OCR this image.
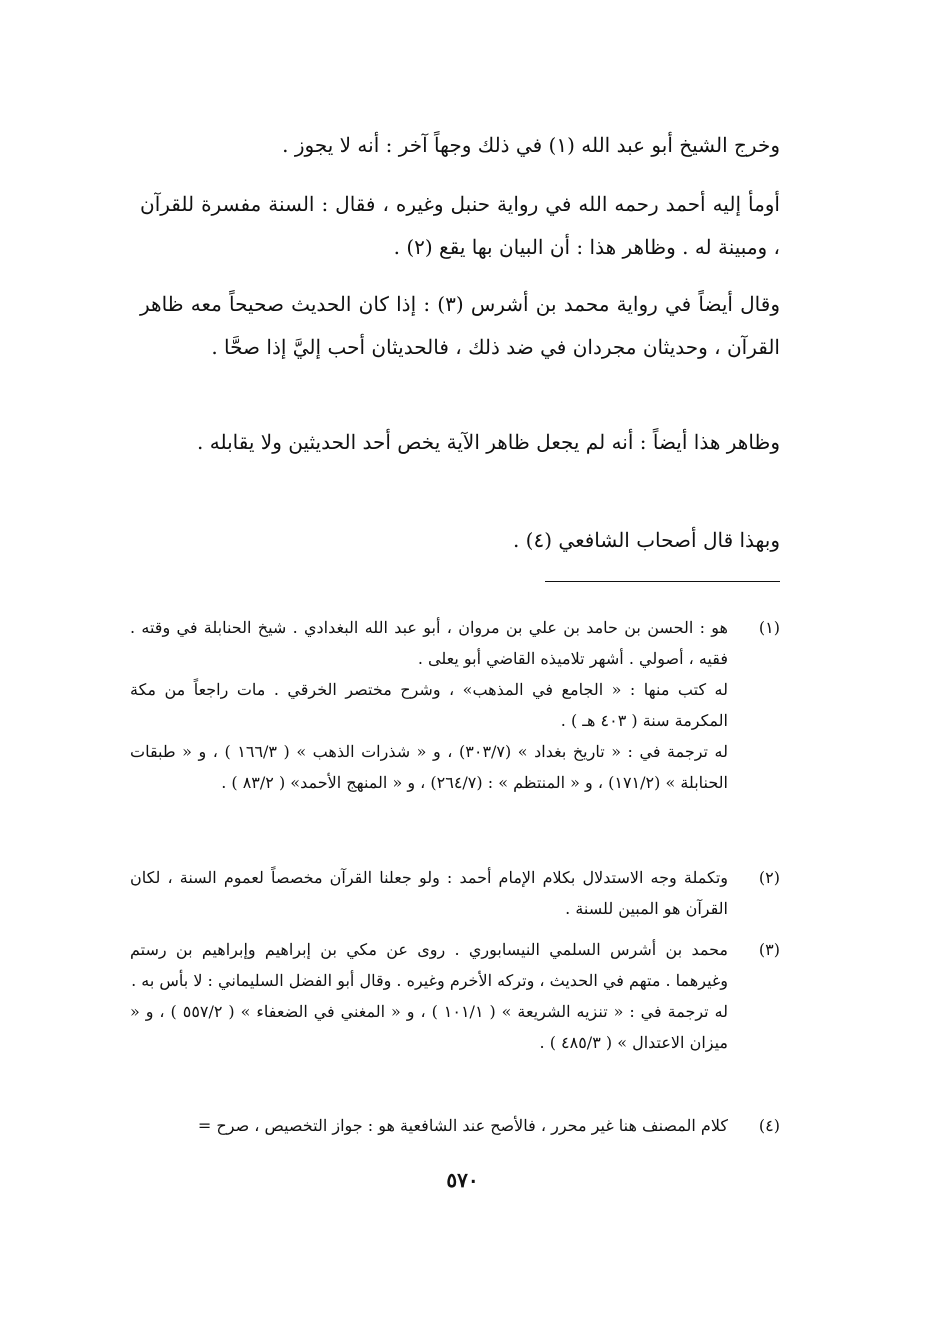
وخرج الشيخ أبو عبد الله (١) في ذلك وجهاً آخر : أنه لا يجوز .
أومأ إليه أحمد رحمه الله في رواية حنبل وغيره ، فقال : السنة مفسرة للقرآن ، ومبينة له . وظاهر هذا : أن البيان بها يقع (٢) .
وقال أيضاً في رواية محمد بن أشرس (٣) : إذا كان الحديث صحيحاً معه ظاهر القرآن ، وحديثان مجردان في ضد ذلك ، فالحديثان أحب إليَّ إذا صحَّا .
وظاهر هذا أيضاً : أنه لم يجعل ظاهر الآية يخص أحد الحديثين ولا يقابله .
وبهذا قال أصحاب الشافعي (٤) .
(١)
هو : الحسن بن حامد بن علي بن مروان ، أبو عبد الله البغدادي . شيخ الحنابلة في وقته . فقيه ، أصولي . أشهر تلاميذه القاضي أبو يعلى .
له كتب منها : « الجامع في المذهب» ، وشرح مختصر الخرقي . مات راجعاً من مكة المكرمة سنة ( ٤٠٣ هـ ) .
له ترجمة في : « تاريخ بغداد » (٣٠٣/٧) ، و « شذرات الذهب » ( ١٦٦/٣ ) ، و « طبقات الحنابلة » (١٧١/٢) ، و « المنتظم » : (٢٦٤/٧) ، و « المنهج الأحمد» ( ٨٣/٢ ) .
(٢)
وتكملة وجه الاستدلال بكلام الإمام أحمد : ولو جعلنا القرآن مخصصاً لعموم السنة ، لكان القرآن هو المبين للسنة .
(٣)
محمد بن أشرس السلمي النيسابوري . روى عن مكي بن إبراهيم وإبراهيم بن رستم وغيرهما . متهم في الحديث ، وتركه الأخرم وغيره . وقال أبو الفضل السليماني : لا بأس به .
له ترجمة في : « تنزيه الشريعة » ( ١٠١/١ ) ، و « المغني في الضعفاء » ( ٥٥٧/٢ ) ، و « ميزان الاعتدال » ( ٤٨٥/٣ ) .
(٤)
كلام المصنف هنا غير محرر ، فالأصح عند الشافعية هو : جواز التخصيص ، صرح =
٥٧٠
